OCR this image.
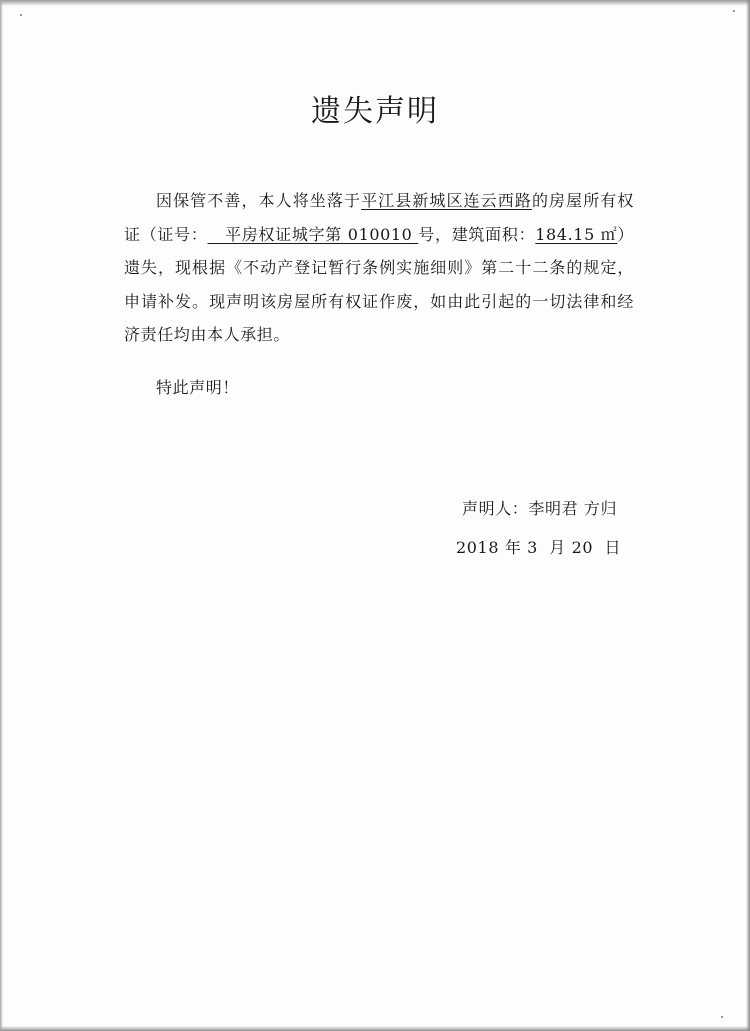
遗失声明

因保管不善，本人将坐落于平江县新城区连云西路的房屋所有权证（证号： 平房权证城字第 010010 号，建筑面积：184.15 ㎡）遗失，现根据《不动产登记暂行条例实施细则》第二十二条的规定，申请补发。现声明该房屋所有权证作废，如由此引起的一切法律和经济责任均由本人承担。

特此声明！
声明人：李明君 方归
2018 年 3 月 20 日
